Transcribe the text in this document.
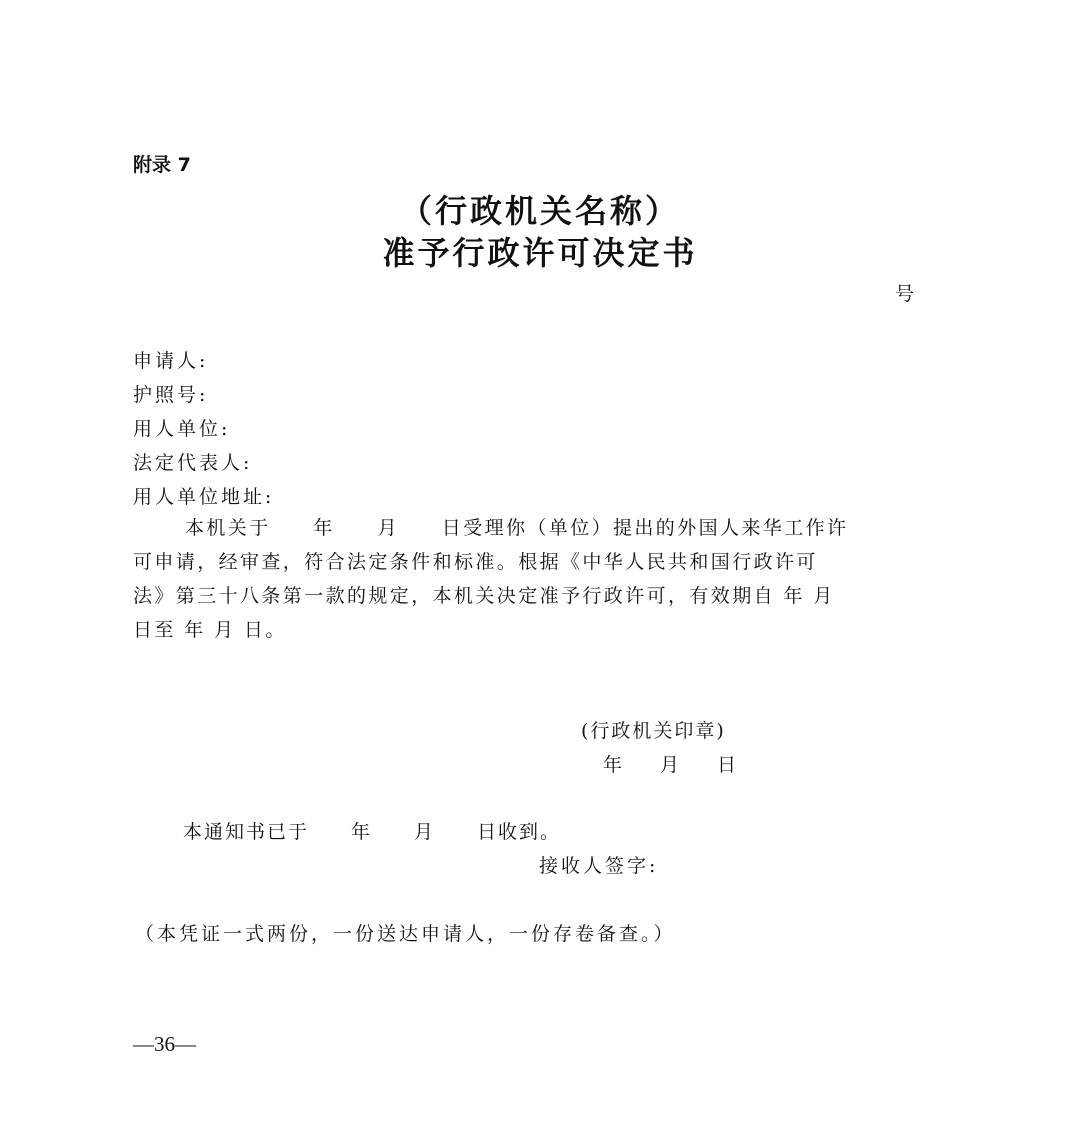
附录 7
（行政机关名称）
准予行政许可决定书
号
申请人:
护照号:
用人单位:
法定代表人:
用人单位地址:
本机关于　　年　　月　　日受理你（单位）提出的外国人来华工作许
可申请，经审查，符合法定条件和标准。根据《中华人民共和国行政许可
法》第三十八条第一款的规定，本机关决定准予行政许可，有效期自 年 月
日至 年 月 日。
(行政机关印章)
年　　月　　日
本通知书已于　　年　　月　　日收到。
接收人签字:
（本凭证一式两份，一份送达申请人，一份存卷备查。）
—36—
